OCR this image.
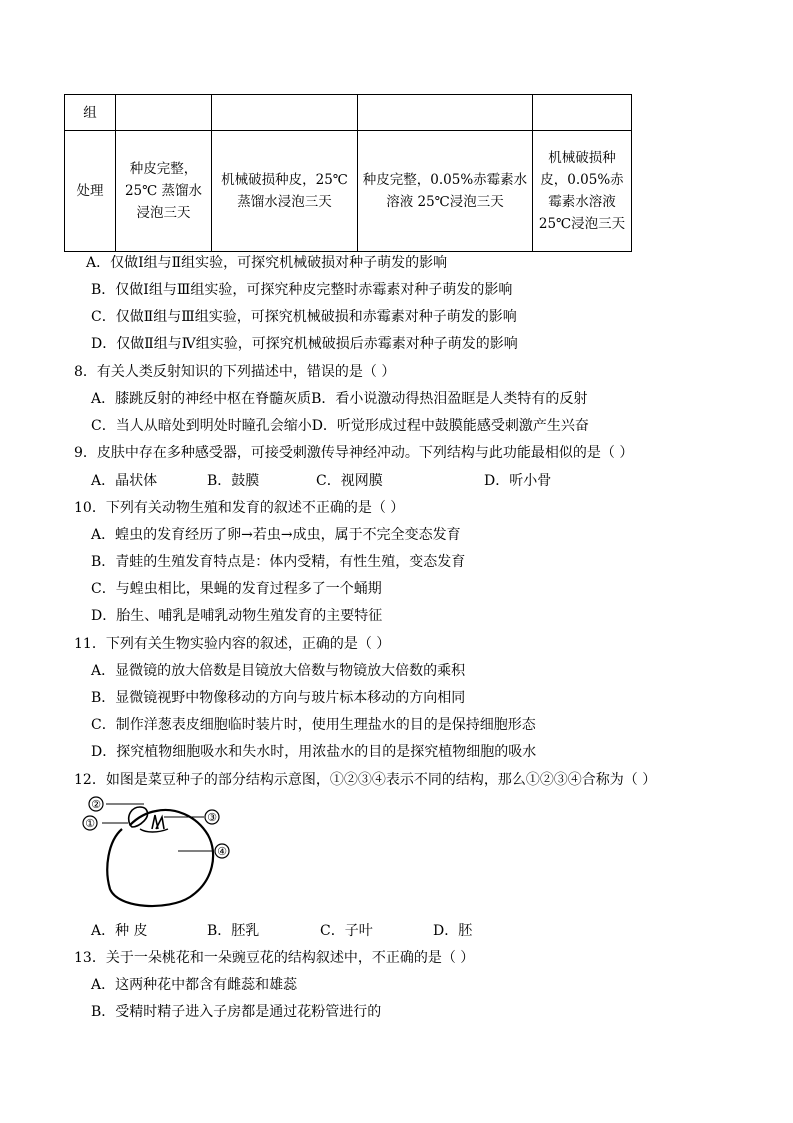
组				
处理	种皮完整，25℃ 蒸馏水浸泡三天	机械破损种皮，25℃蒸馏水浸泡三天	种皮完整，0.05%赤霉素水溶液 25℃浸泡三天	机械破损种皮，0.05%赤霉素水溶液25℃浸泡三天
A．仅做Ⅰ组与Ⅱ组实验，可探究机械破损对种子萌发的影响
B．仅做Ⅰ组与Ⅲ组实验，可探究种皮完整时赤霉素对种子萌发的影响
C．仅做Ⅱ组与Ⅲ组实验，可探究机械破损和赤霉素对种子萌发的影响
D．仅做Ⅱ组与Ⅳ组实验，可探究机械破损后赤霉素对种子萌发的影响
8．有关人类反射知识的下列描述中，错误的是（ ）
A．膝跳反射的神经中枢在脊髓灰质B．看小说激动得热泪盈眶是人类特有的反射
C．当人从暗处到明处时瞳孔会缩小D．听觉形成过程中鼓膜能感受刺激产生兴奋
9．皮肤中存在多种感受器，可接受刺激传导神经冲动。下列结构与此功能最相似的是（ ）
A．晶状体	B．鼓膜	C．视网膜	D．听小骨
10．下列有关动物生殖和发育的叙述不正确的是（ ）
A．蝗虫的发育经历了卵→若虫→成虫，属于不完全变态发育
B．青蛙的生殖发育特点是：体内受精，有性生殖，变态发育
C．与蝗虫相比，果蝇的发育过程多了一个蛹期
D．胎生、哺乳是哺乳动物生殖发育的主要特征
11．下列有关生物实验内容的叙述，正确的是（ ）
A．显微镜的放大倍数是目镜放大倍数与物镜放大倍数的乘积
B．显微镜视野中物像移动的方向与玻片标本移动的方向相同
C．制作洋葱表皮细胞临时装片时，使用生理盐水的目的是保持细胞形态
D．探究植物细胞吸水和失水时，用浓盐水的目的是探究植物细胞的吸水
12．如图是菜豆种子的部分结构示意图，①②③④表示不同的结构，那么①②③④合称为（ ）
②
①	③
④
A．种 皮	B．胚乳	C．子叶	D．胚
13．关于一朵桃花和一朵豌豆花的结构叙述中，不正确的是（ ）
A．这两种花中都含有雌蕊和雄蕊
B．受精时精子进入子房都是通过花粉管进行的
